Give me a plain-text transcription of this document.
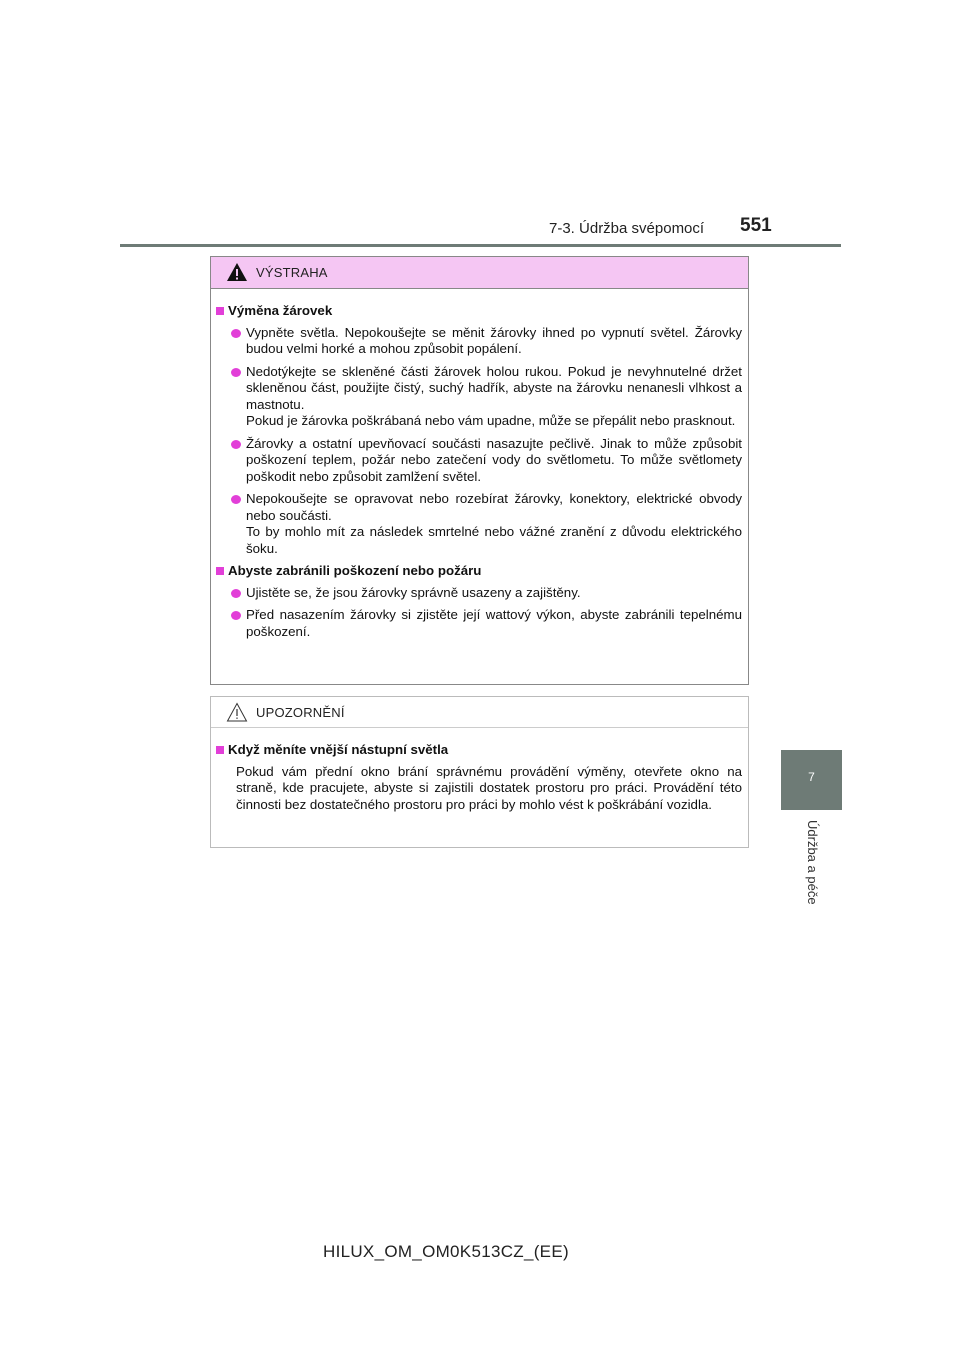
7-3. Údržba svépomocí 551
7
Údržba a péče
VÝSTRAHA
Výměna žárovek
Vypněte světla. Nepokoušejte se měnit žárovky ihned po vypnutí světel. Žárovky budou velmi horké a mohou způsobit popálení.
Nedotýkejte se skleněné části žárovek holou rukou. Pokud je nevyhnutelné držet skleněnou část, použijte čistý, suchý hadřík, abyste na žárovku nenanesli vlhkost a mastnotu.
Pokud je žárovka poškrábaná nebo vám upadne, může se přepálit nebo prasknout.
Žárovky a ostatní upevňovací součásti nasazujte pečlivě. Jinak to může způsobit poškození teplem, požár nebo zatečení vody do světlometu. To může světlomety poškodit nebo způsobit zamlžení světel.
Nepokoušejte se opravovat nebo rozebírat žárovky, konektory, elektrické obvody nebo součásti.
To by mohlo mít za následek smrtelné nebo vážné zranění z důvodu elektrického šoku.
Abyste zabránili poškození nebo požáru
Ujistěte se, že jsou žárovky správně usazeny a zajištěny.
Před nasazením žárovky si zjistěte její wattový výkon, abyste zabránili tepelnému poškození.
UPOZORNĚNÍ
Když měníte vnější nástupní světla
Pokud vám přední okno brání správnému provádění výměny, otevřete okno na straně, kde pracujete, abyste si zajistili dostatek prostoru pro práci. Provádění této činnosti bez dostatečného prostoru pro práci by mohlo vést k poškrábání vozidla.
HILUX_OM_OM0K513CZ_(EE)
